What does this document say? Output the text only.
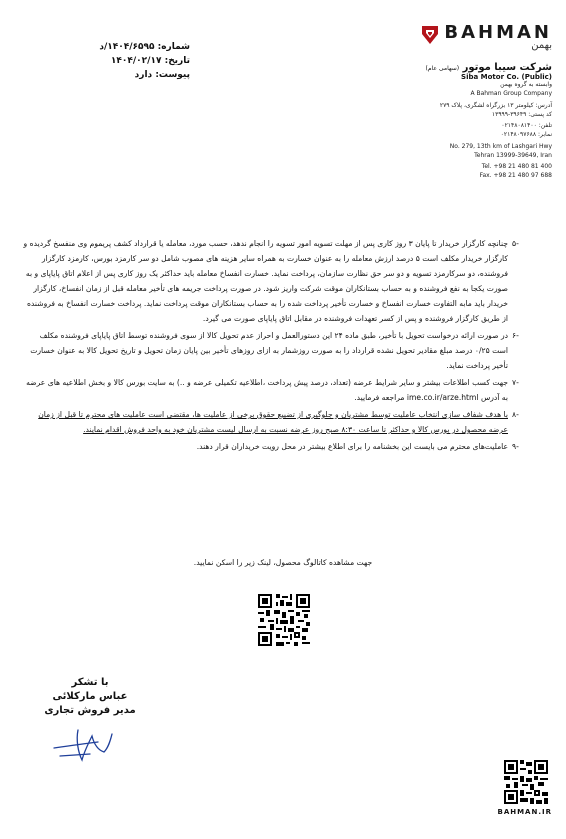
شماره: ۱۴۰۴/۶۵۹۵/د
تاریخ: ۱۴۰۴/۰۲/۱۷
پیوست: دارد
BAHMAN
بهمن
شرکت سیبا موتور (سهامی عام)
Siba Motor Co. (Public)
وابسته به گروه بهمن
A Bahman Group Company
آدرس: کیلومتر ۱۳ بزرگراه لشگری، پلاک ۲۷۹
کد پستی: ۳۹۶۴۹-۱۳۹۹۹
تلفن: ۰۲۱۴۸۰۸۱۴۰۰
نمابر: ۰۲۱۴۸۰۹۷۶۸۸
No. 279, 13th km of Lashgari Hwy
Tehran 13999-39649, Iran
Tel. +98 21 480 81 400
Fax. +98 21 480 97 688
-۵
چنانچه کارگزار خریدار تا پایان ۳ روز کاری پس از مهلت تسویه امور تسویه را انجام ندهد، حسب مورد، معامله یا قرارداد کشف پریموم وی منفسخ گردیده و کارگزار خریدار مکلف است ۵ درصد ارزش معامله را به عنوان خسارت به همراه سایر هزینه های مصوب شامل دو سر کارمزد بورس، کارمزد کارگزار فروشنده، دو سرکارمزد تسویه و دو سر حق نظارت سازمان، پرداخت نماید. خسارت انفساخ معامله باید حداکثر یک روز کاری پس از اعلام اتاق پایاپای و به صورت یکجا به نفع فروشنده و به حساب بستانکاران موقت شرکت واریز شود. در صورت پرداخت جریمه های تأخیر معامله قبل از زمان انفساخ، کارگزار خریدار باید مابه التفاوت خسارت انفساخ و خسارت تأخیر پرداخت شده را به حساب بستانکاران موقت پرداخت نماید. پرداخت خسارت انفساخ به فروشنده از طریق کارگزار فروشنده و پس از کسر تعهدات فروشنده در مقابل اتاق پایاپای صورت می گیرد.
-۶
در صورت ارائه درخواست تحویل با تأخیر، طبق ماده ۲۴ این دستورالعمل و احراز عدم تحویل کالا از سوی فروشنده توسط اتاق پایاپای فروشنده مکلف است ۰/۲۵ درصد مبلغ مقادیر تحویل نشده قرارداد را به صورت روزشمار به ازای روزهای تأخیر بین پایان زمان تحویل و تاریخ تحویل کالا به عنوان خسارت تأخیر پرداخت نماید.
-۷
جهت کسب اطلاعات بیشتر و سایر شرایط عرضه (تعداد، درصد پیش پرداخت ،اطلاعیه تکمیلی عرضه و ..) به سایت بورس کالا و بخش اطلاعیه های عرضه به آدرس ime.co.ir/arze.html مراجعه فرمایید.
-۸
با هدف شفاف سازی انتخاب عاملیت توسط مشتریان و جلوگیری از تضییع حقوق برخی از عاملیت ها، مقتضی است عاملیت های محترم تا قبل از زمان عرضه محصول در بورس کالا و حداکثر تا ساعت ۸:۳۰ صبح روز عرضه نسبت به ارسال لیست مشتریان خود به واحد فروش اقدام نمایند.
-۹
عاملیت‌های محترم می بایست این بخشنامه را برای اطلاع بیشتر در محل رویت خریداران قرار دهند.
جهت مشاهده کاتالوگ محصول، لینک زیر را اسکن نمایید.
با تشکر
عباس مارکلائی
مدیر فروش تجاری
BAHMAN.IR
